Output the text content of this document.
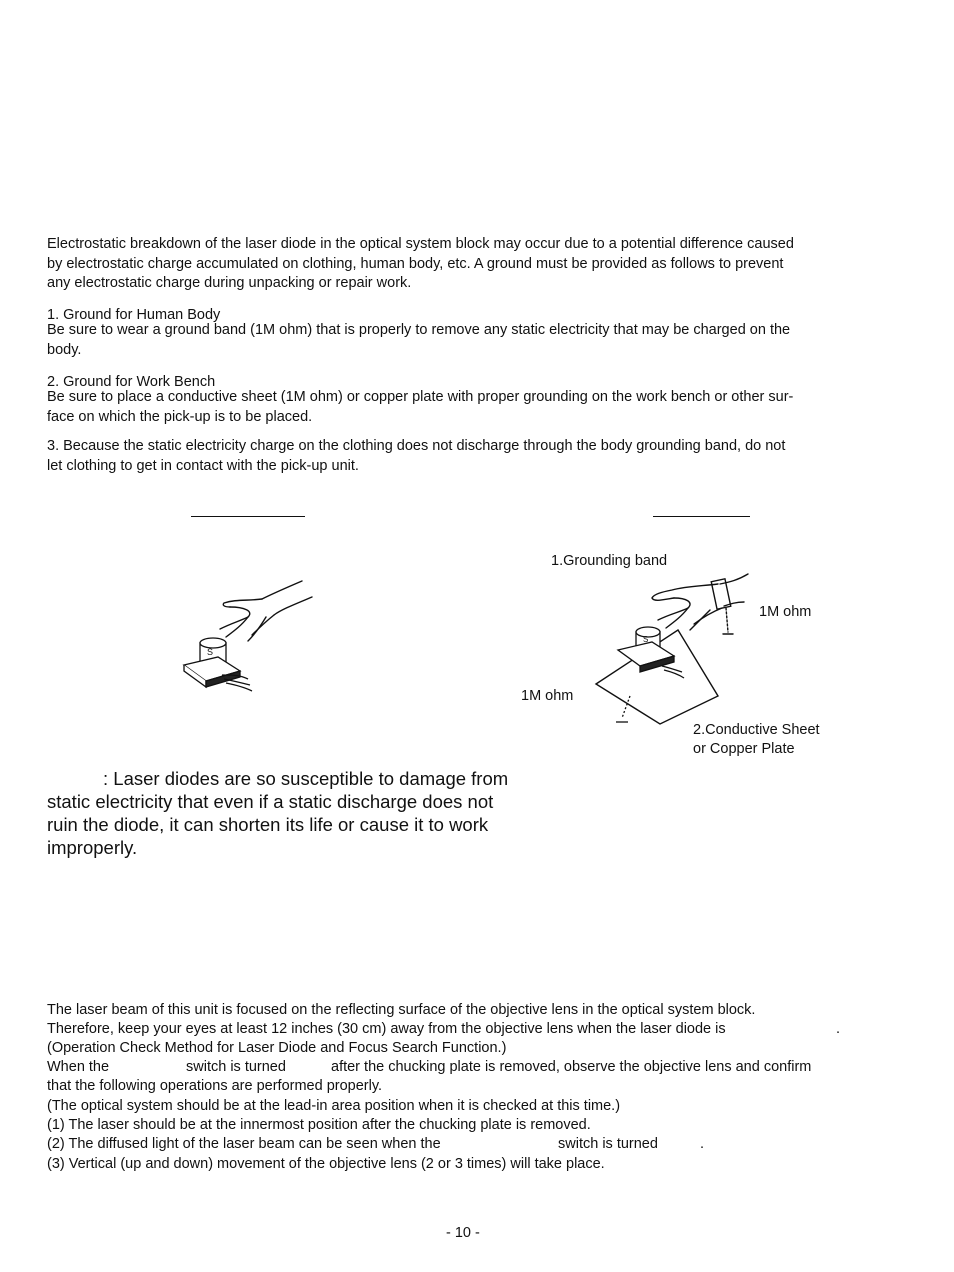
Electrostatic breakdown of the laser diode in the optical system block may occur due to a potential difference caused

by electrostatic charge accumulated on clothing, human body, etc. A ground must be provided as follows to prevent

any electrostatic charge during unpacking or repair work.

1. Ground for Human Body

Be sure to wear a ground band (1M ohm) that is properly to remove any static electricity that may be charged on the

body.

2. Ground for Work Bench

Be sure to place a conductive sheet (1M ohm) or copper plate with proper grounding on the work bench or other sur-

face on which the pick-up is to be placed.

3. Because the static electricity charge on the clothing does not discharge through the body grounding band, do not

let clothing to get in contact with the pick-up unit.

S
S
1.Grounding band
1M ohm
1M ohm
2.Conductive Sheet
or Copper Plate

: Laser diodes are so susceptible to damage from

static electricity that even if a static discharge does not

ruin the diode, it can shorten its life or cause it to work

improperly.

The laser beam of this unit is focused on the reflecting surface of the objective lens in the optical system block.

Therefore, keep your eyes at least 12 inches (30 cm) away from the objective lens when the laser diode is	.

(Operation Check Method for Laser Diode and Focus Search Function.)

When the	switch is turned	after the chucking plate is removed, observe the objective lens and confirm

that the following operations are performed properly.

(The optical system should be at the lead-in area position when it is checked at this time.)

(1) The laser should be at the innermost position after the chucking plate is removed.

(2) The diffused light of the laser beam can be seen when the	switch is turned	.

(3) Vertical (up and down) movement of the objective lens (2 or 3 times) will take place.

- 10 -
